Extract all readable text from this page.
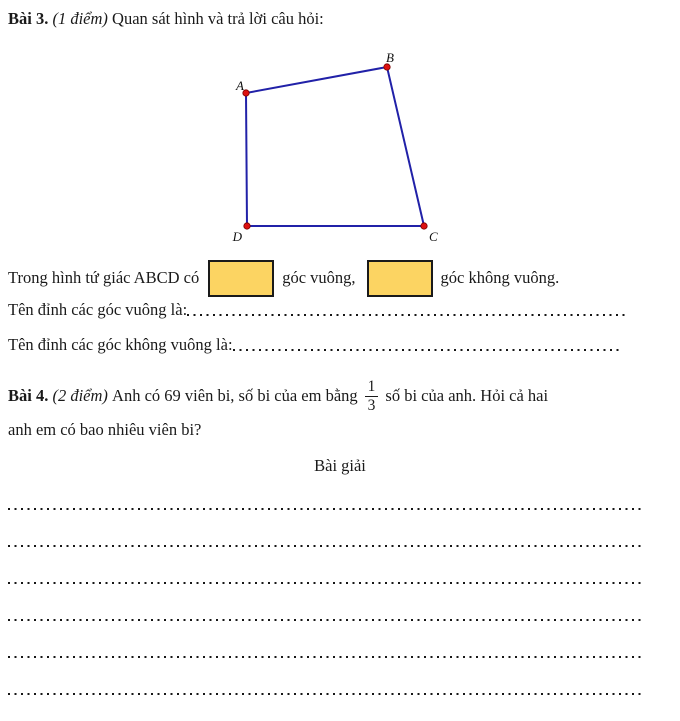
Bài 3. (1 điểm) Quan sát hình và trả lời câu hỏi:
A
B
C
D
Trong hình tứ giác ABCD có	góc vuông,	góc không vuông.
Tên đỉnh các góc vuông là:
Tên đỉnh các góc không vuông là:
Bài 4.
(2 điểm)
Anh có 69 viên bi, số bi của em bằng $\frac{1}{3}$ số bi của anh. Hỏi cả hai
anh em có bao nhiêu viên bi?
Bài giải
